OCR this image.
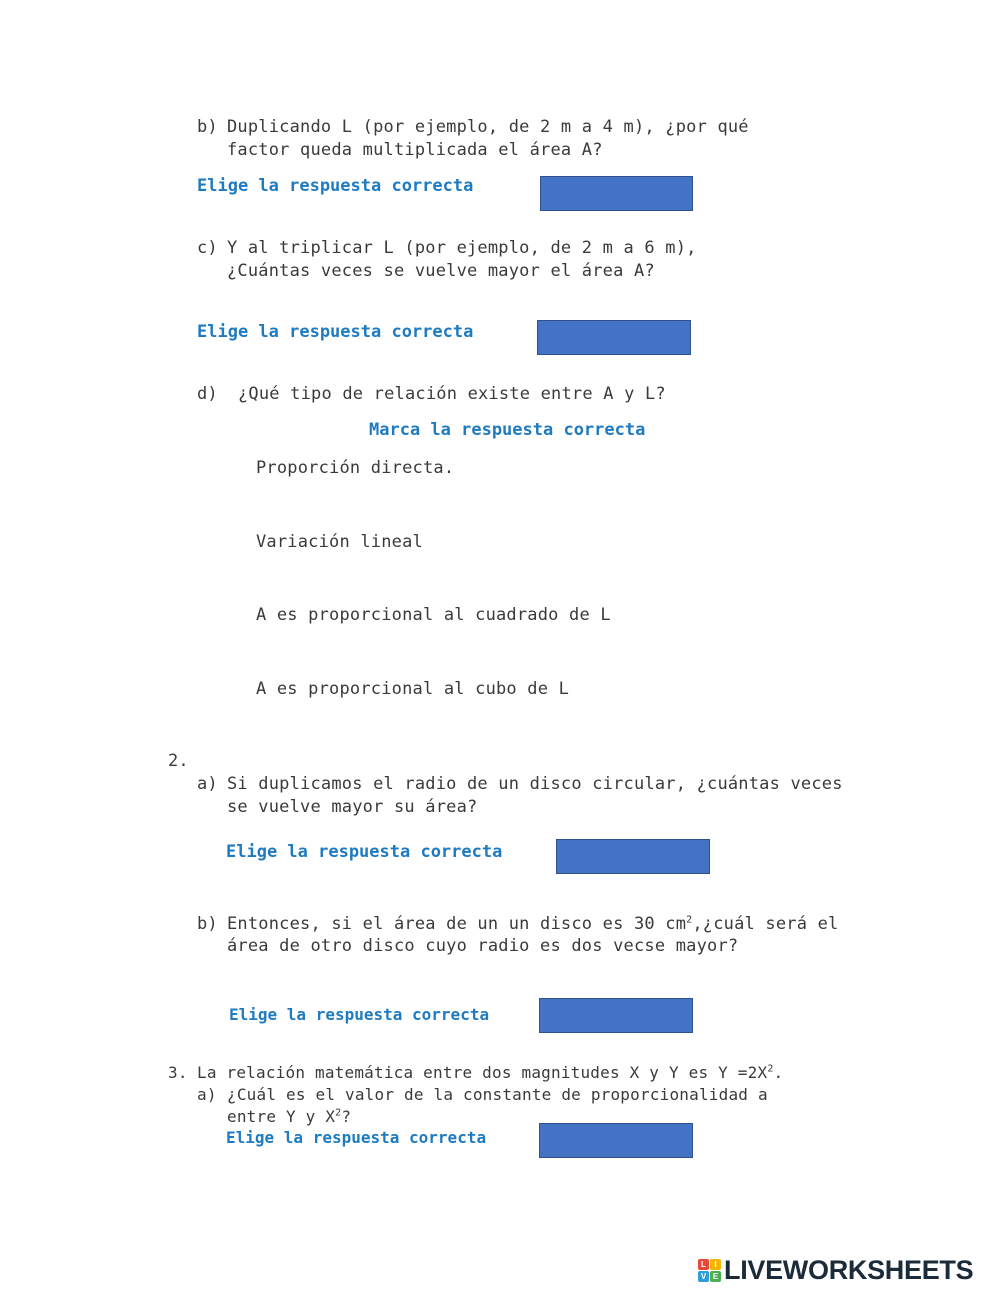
b) Duplicando L (por ejemplo, de 2 m a 4 m), ¿por qué
factor queda multiplicada el área A?
Elige la respuesta correcta
c) Y al triplicar L (por ejemplo, de 2 m a 6 m),
¿Cuántas veces se vuelve mayor el área A?
Elige la respuesta correcta
d) ¿Qué tipo de relación existe entre A y L?
Marca la respuesta correcta
Proporción directa.
Variación lineal
A es proporcional al cuadrado de L
A es proporcional al cubo de L
2.
a) Si duplicamos el radio de un disco circular, ¿cuántas veces
se vuelve mayor su área?
Elige la respuesta correcta
b) Entonces, si el área de un un disco es 30 $cm^2,¿cuál$ será el
área de otro disco cuyo radio es dos vecse mayor?
Elige la respuesta correcta
3. La relación matemática entre dos magnitudes X y Y es $Y =2X^2$.
a) ¿Cuál es el valor de la constante de proporcionalidad a
entre Y y $X^2$?
Elige la respuesta correcta
L	I
V E LIVEWORKSHEETS
